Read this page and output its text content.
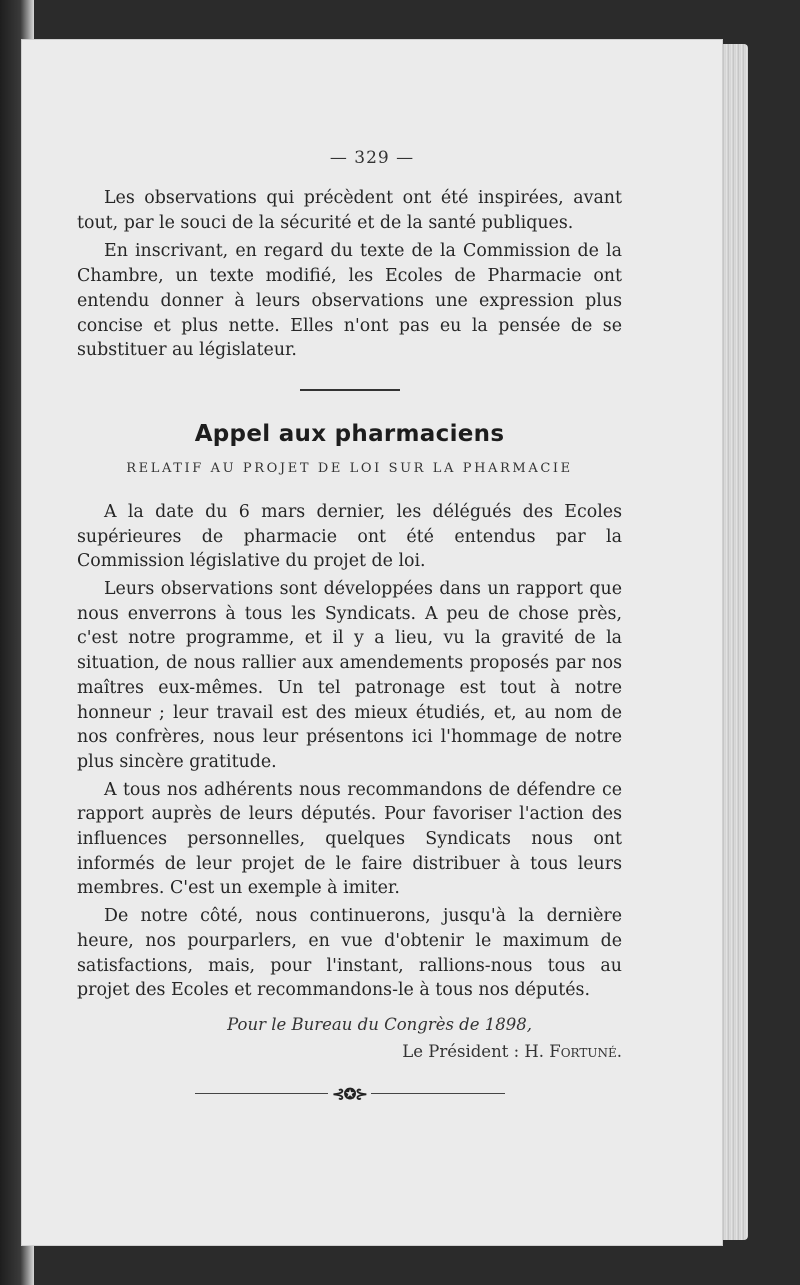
— 329 —

Les observations qui précèdent ont été inspirées, avant tout, par le souci de la sécurité et de la santé publiques.

En inscrivant, en regard du texte de la Commission de la Chambre, un texte modifié, les Ecoles de Pharmacie ont entendu donner à leurs observations une expression plus concise et plus nette. Elles n'ont pas eu la pensée de se substituer au législateur.

Appel aux pharmaciens
RELATIF AU PROJET DE LOI SUR LA PHARMACIE

A la date du 6 mars dernier, les délégués des Ecoles supérieures de pharmacie ont été entendus par la Commission législative du projet de loi.

Leurs observations sont développées dans un rapport que nous enverrons à tous les Syndicats. A peu de chose près, c'est notre programme, et il y a lieu, vu la gravité de la situation, de nous rallier aux amendements proposés par nos maîtres eux-mêmes. Un tel patronage est tout à notre honneur ; leur travail est des mieux étudiés, et, au nom de nos confrères, nous leur présentons ici l'hommage de notre plus sincère gratitude.

A tous nos adhérents nous recommandons de défendre ce rapport auprès de leurs députés. Pour favoriser l'action des influences personnelles, quelques Syndicats nous ont informés de leur projet de le faire distribuer à tous leurs membres. C'est un exemple à imiter.

De notre côté, nous continuerons, jusqu'à la dernière heure, nos pourparlers, en vue d'obtenir le maximum de satisfactions, mais, pour l'instant, rallions-nous tous au projet des Ecoles et recommandons-le à tous nos députés.

Pour le Bureau du Congrès de 1898,
Le Président : H. Fortuné.
⊰✪⊱
